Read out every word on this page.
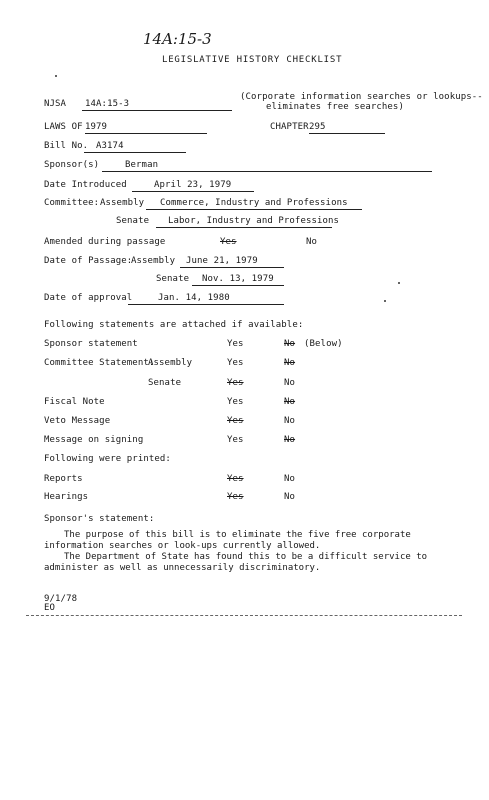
14A:15-3
LEGISLATIVE HISTORY CHECKLIST
NJSA	14A:15-3
(Corporate information searches or lookups--
eliminates free searches)
LAWS OF 1979	CHAPTER 295
Bill No. A3174
Sponsor(s)	Berman
Date Introduced	April 23, 1979
Committee: Assembly	Commerce, Industry and Professions
Senate	Labor, Industry and Professions
Amended during passage	Yes	No
Date of Passage:
Assembly	June 21, 1979
Senate	Nov. 13, 1979
Date of approval	Jan. 14, 1980
Following statements are attached if available:
Sponsor statement	Yes	No (Below)
Committee Statement:
Assembly	Yes	No
Senate	Yes	No
Fiscal Note	Yes	No
Veto Message	Yes	No
Message on signing	Yes	No
Following were printed:
Reports	Yes	No
Hearings	Yes	No
Sponsor's statement:
The purpose of this bill is to eliminate the five free corporate information searches or look-ups currently allowed.
The Department of State has found this to be a difficult service to administer as well as unnecessarily discriminatory.
9/1/78
EO
